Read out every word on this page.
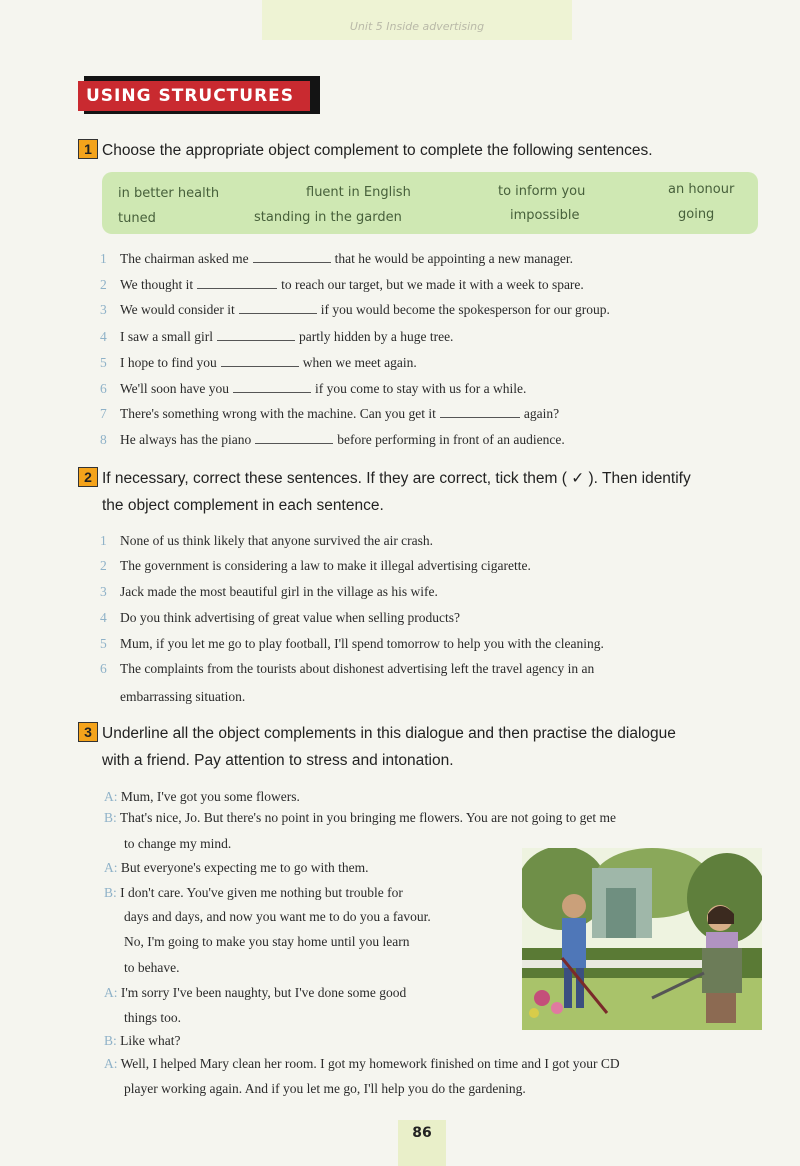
Unit 5 Inside advertising
USING STRUCTURES
1 Choose the appropriate object complement to complete the following sentences.
in better health	fluent in English	to inform you	an honour
tuned	standing in the garden	impossible	going
1 The chairman asked me	that he would be appointing a new manager.
2 We thought it	to reach our target, but we made it with a week to spare.
3 We would consider it	if you would become the spokesperson for our group.
4 I saw a small girl	partly hidden by a huge tree.
5 I hope to find you	when we meet again.
6 We'll soon have you	if you come to stay with us for a while.
7 There's something wrong with the machine. Can you get it	again?
8 He always has the piano	before performing in front of an audience.
2 If necessary, correct these sentences. If they are correct, tick them ( ✓ ). Then identify
the object complement in each sentence.
1 None of us think likely that anyone survived the air crash.
2 The government is considering a law to make it illegal advertising cigarette.
3 Jack made the most beautiful girl in the village as his wife.
4 Do you think advertising of great value when selling products?
5 Mum, if you let me go to play football, I'll spend tomorrow to help you with the cleaning.
6 The complaints from the tourists about dishonest advertising left the travel agency in an
embarrassing situation.
3 Underline all the object complements in this dialogue and then practise the dialogue
with a friend. Pay attention to stress and intonation.
A: Mum, I've got you some flowers.
B: That's nice, Jo. But there's no point in you bringing me flowers. You are not going to get me
to change my mind.
A: But everyone's expecting me to go with them.
B: I don't care. You've given me nothing but trouble for
days and days, and now you want me to do you a favour.
No, I'm going to make you stay home until you learn
to behave.
A: I'm sorry I've been naughty, but I've done some good
things too.
B: Like what?
A: Well, I helped Mary clean her room. I got my homework finished on time and I got your CD
player working again. And if you let me go, I'll help you do the gardening.
86
